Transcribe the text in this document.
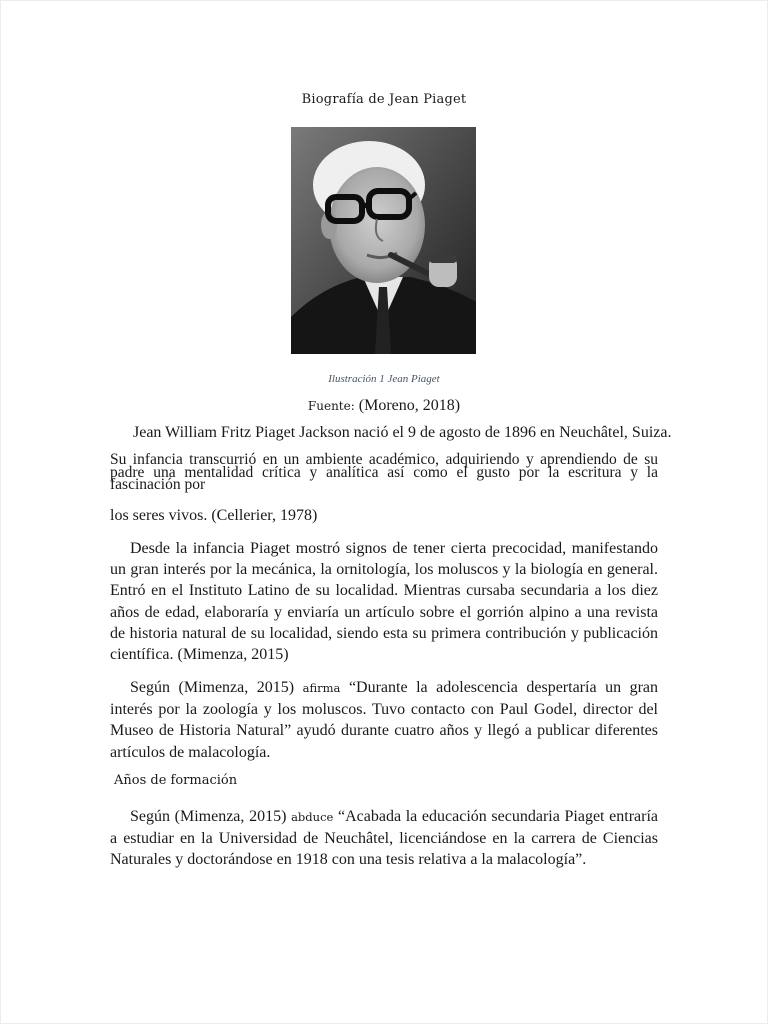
Biografía de Jean Piaget
Ilustración 1 Jean Piaget
Fuente: (Moreno, 2018)
Jean William Fritz Piaget Jackson nació el 9 de agosto de 1896 en Neuchâtel, Suiza.
Su infancia transcurrió en un ambiente académico, adquiriendo y aprendiendo de su padre una mentalidad crítica y analítica así como el gusto por la escritura y la fascinación por
los seres vivos. (Cellerier, 1978)
Desde la infancia Piaget mostró signos de tener cierta precocidad, manifestando un gran interés por la mecánica, la ornitología, los moluscos y la biología en general. Entró en el Instituto Latino de su localidad. Mientras cursaba secundaria a los diez años de edad, elaboraría y enviaría un artículo sobre el gorrión alpino a una revista de historia natural de su localidad, siendo esta su primera contribución y publicación científica. (Mimenza, 2015)
Según (Mimenza, 2015) afirma “Durante la adolescencia despertaría un gran interés por la zoología y los moluscos. Tuvo contacto con Paul Godel, director del Museo de Historia Natural” ayudó durante cuatro años y llegó a publicar diferentes artículos de malacología.
Años de formación
Según (Mimenza, 2015) abduce “Acabada la educación secundaria Piaget entraría a estudiar en la Universidad de Neuchâtel, licenciándose en la carrera de Ciencias Naturales y doctorándose en 1918 con una tesis relativa a la malacología”.
